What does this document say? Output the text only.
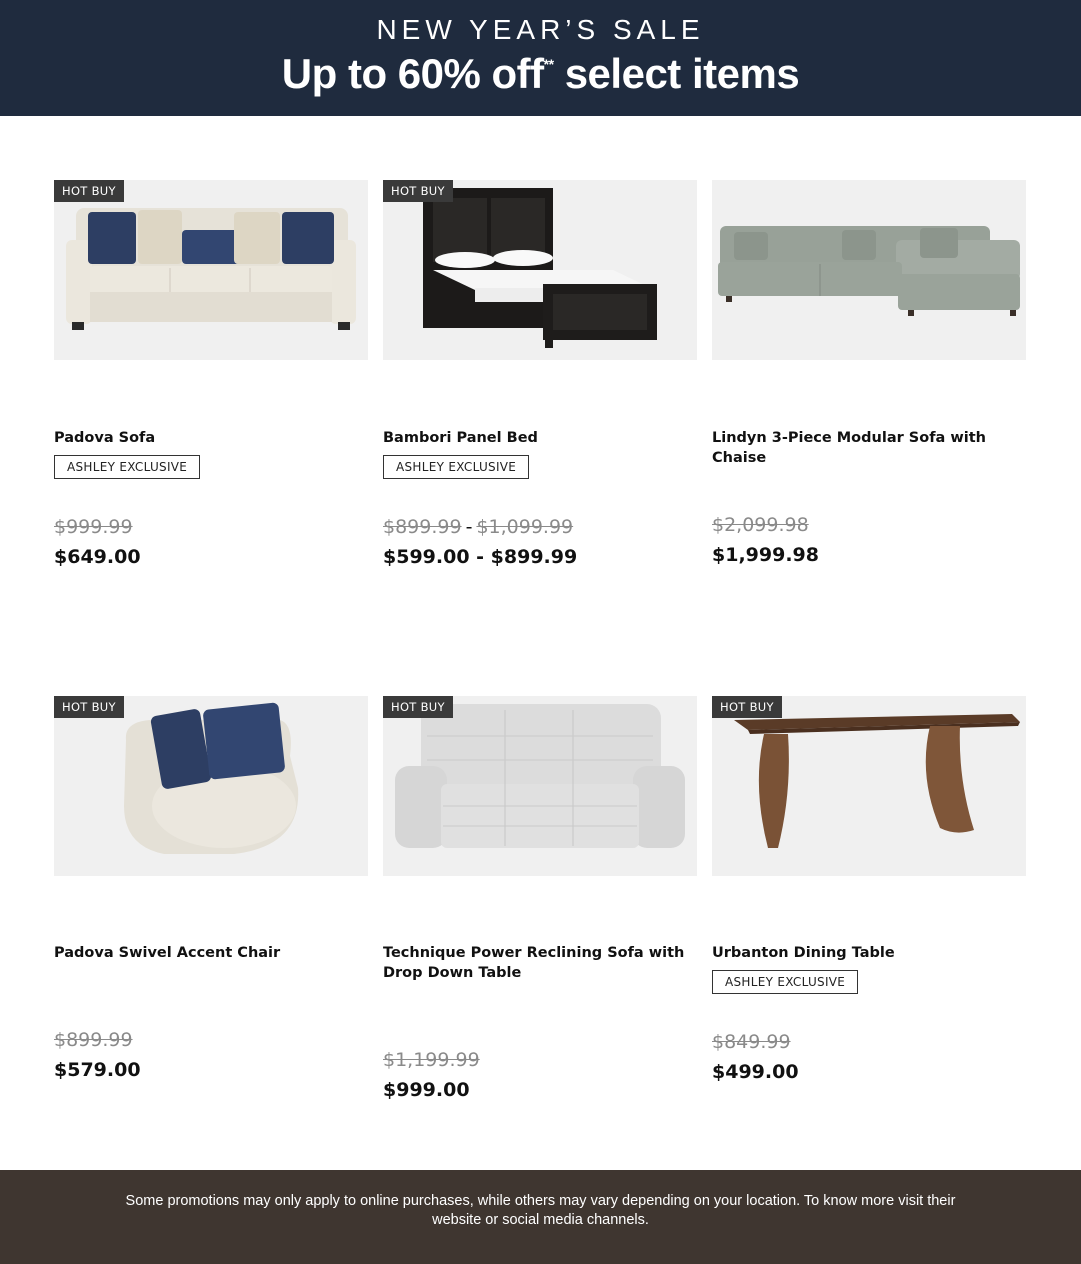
NEW YEAR’S SALE
Up to 60% off** select items
HOT BUY
Padova Sofa
ASHLEY EXCLUSIVE
$999.99
$649.00
HOT BUY
Bambori Panel Bed
ASHLEY EXCLUSIVE
$899.99 - $1,099.99
$599.00 - $899.99
Lindyn 3-Piece Modular Sofa with Chaise
$2,099.98
$1,999.98
HOT BUY
Padova Swivel Accent Chair
$899.99
$579.00
HOT BUY
Technique Power Reclining Sofa with Drop Down Table
$1,199.99
$999.00
HOT BUY
Urbanton Dining Table
ASHLEY EXCLUSIVE
$849.99
$499.00
Some promotions may only apply to online purchases, while others may vary depending on your location. To know more visit their website or social media channels.
